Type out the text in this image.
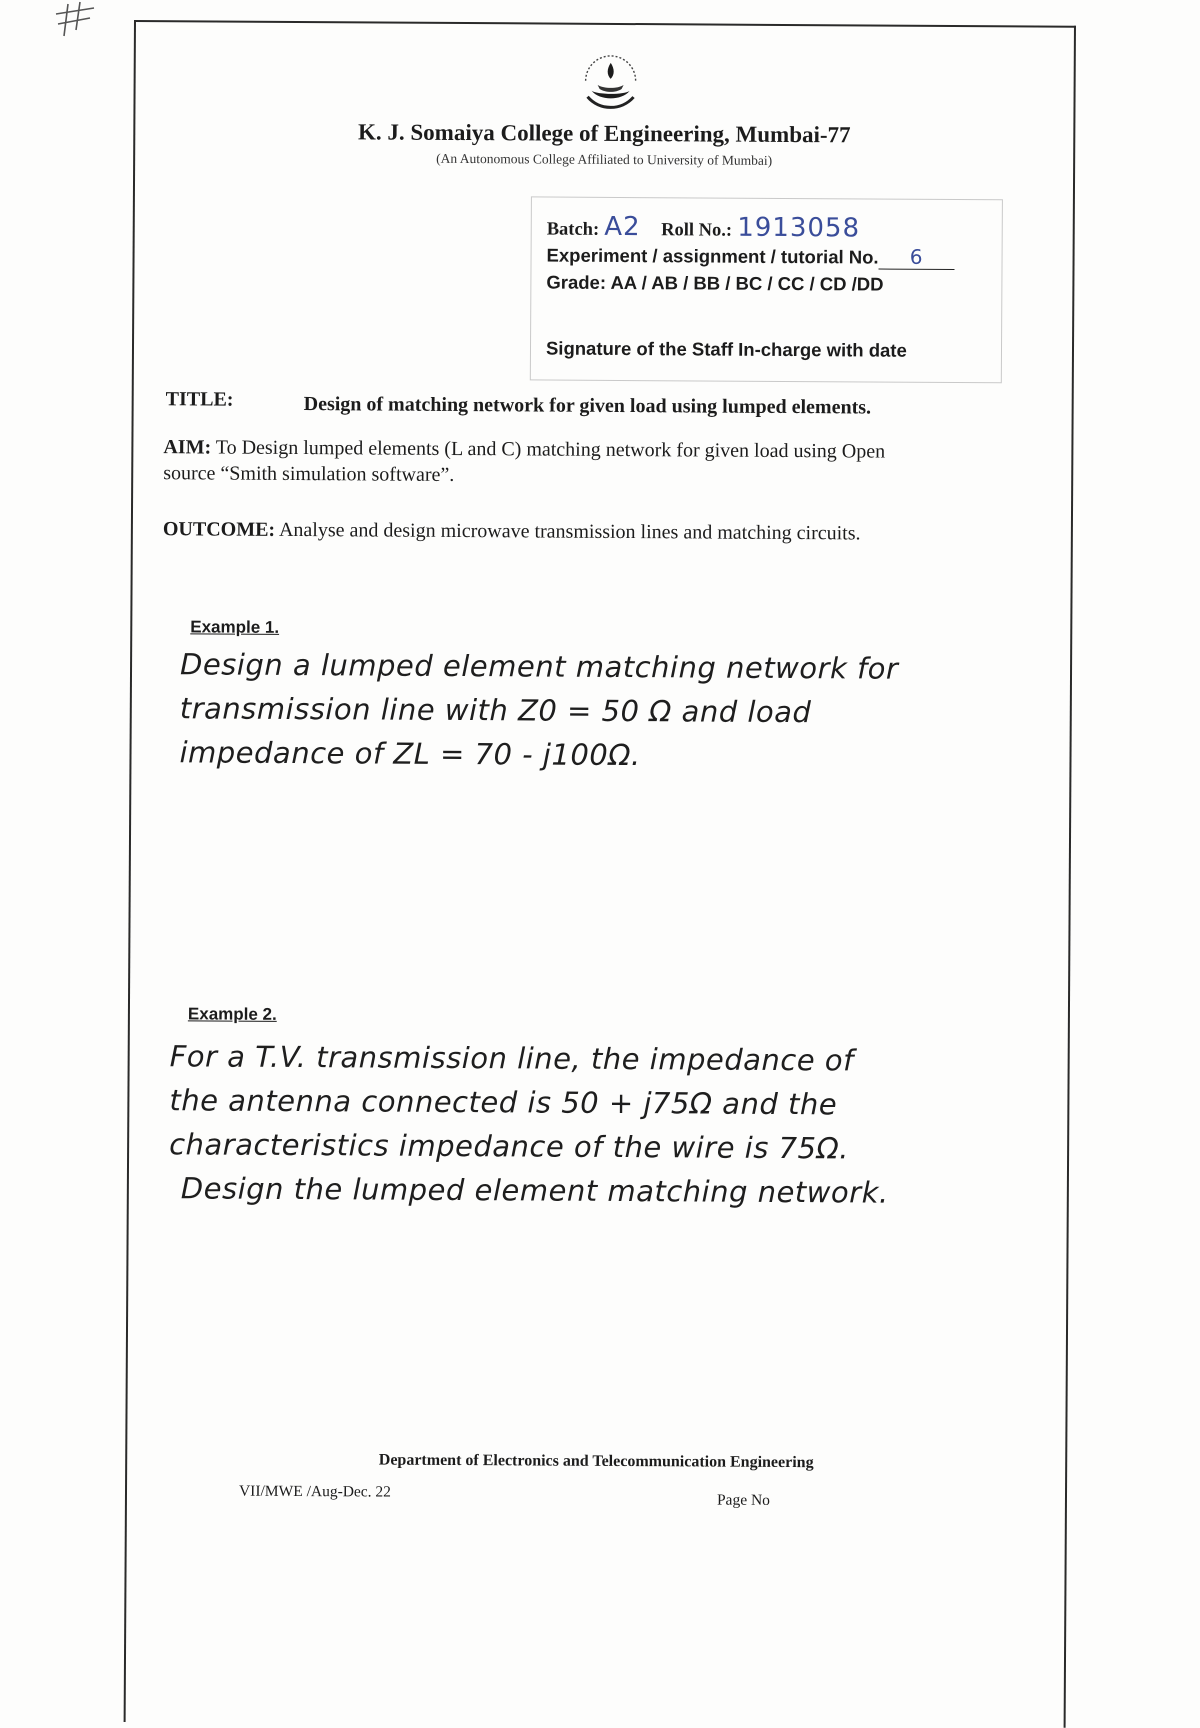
K. J. Somaiya College of Engineering, Mumbai-77
(An Autonomous College Affiliated to University of Mumbai)
Batch: A2 Roll No.: 1913058
Experiment / assignment / tutorial No. 6
Grade: AA / AB / BB / BC / CC / CD /DD
Signature of the Staff In-charge with date
TITLE:	Design of matching network for given load using lumped elements.
AIM: To Design lumped elements (L and C) matching network for given load using Open source “Smith simulation software”.
OUTCOME: Analyse and design microwave transmission lines and matching circuits.
Example 1.
Design a lumped element matching network for
transmission line with Z0 = 50 Ω and load
impedance of ZL = 70 - j100Ω.
Example 2.
For a T.V. transmission line, the impedance of
the antenna connected is 50 + j75Ω and the
characteristics impedance of the wire is 75Ω.
Design the lumped element matching network.
Department of Electronics and Telecommunication Engineering
VII/MWE /Aug-Dec. 22	Page No
